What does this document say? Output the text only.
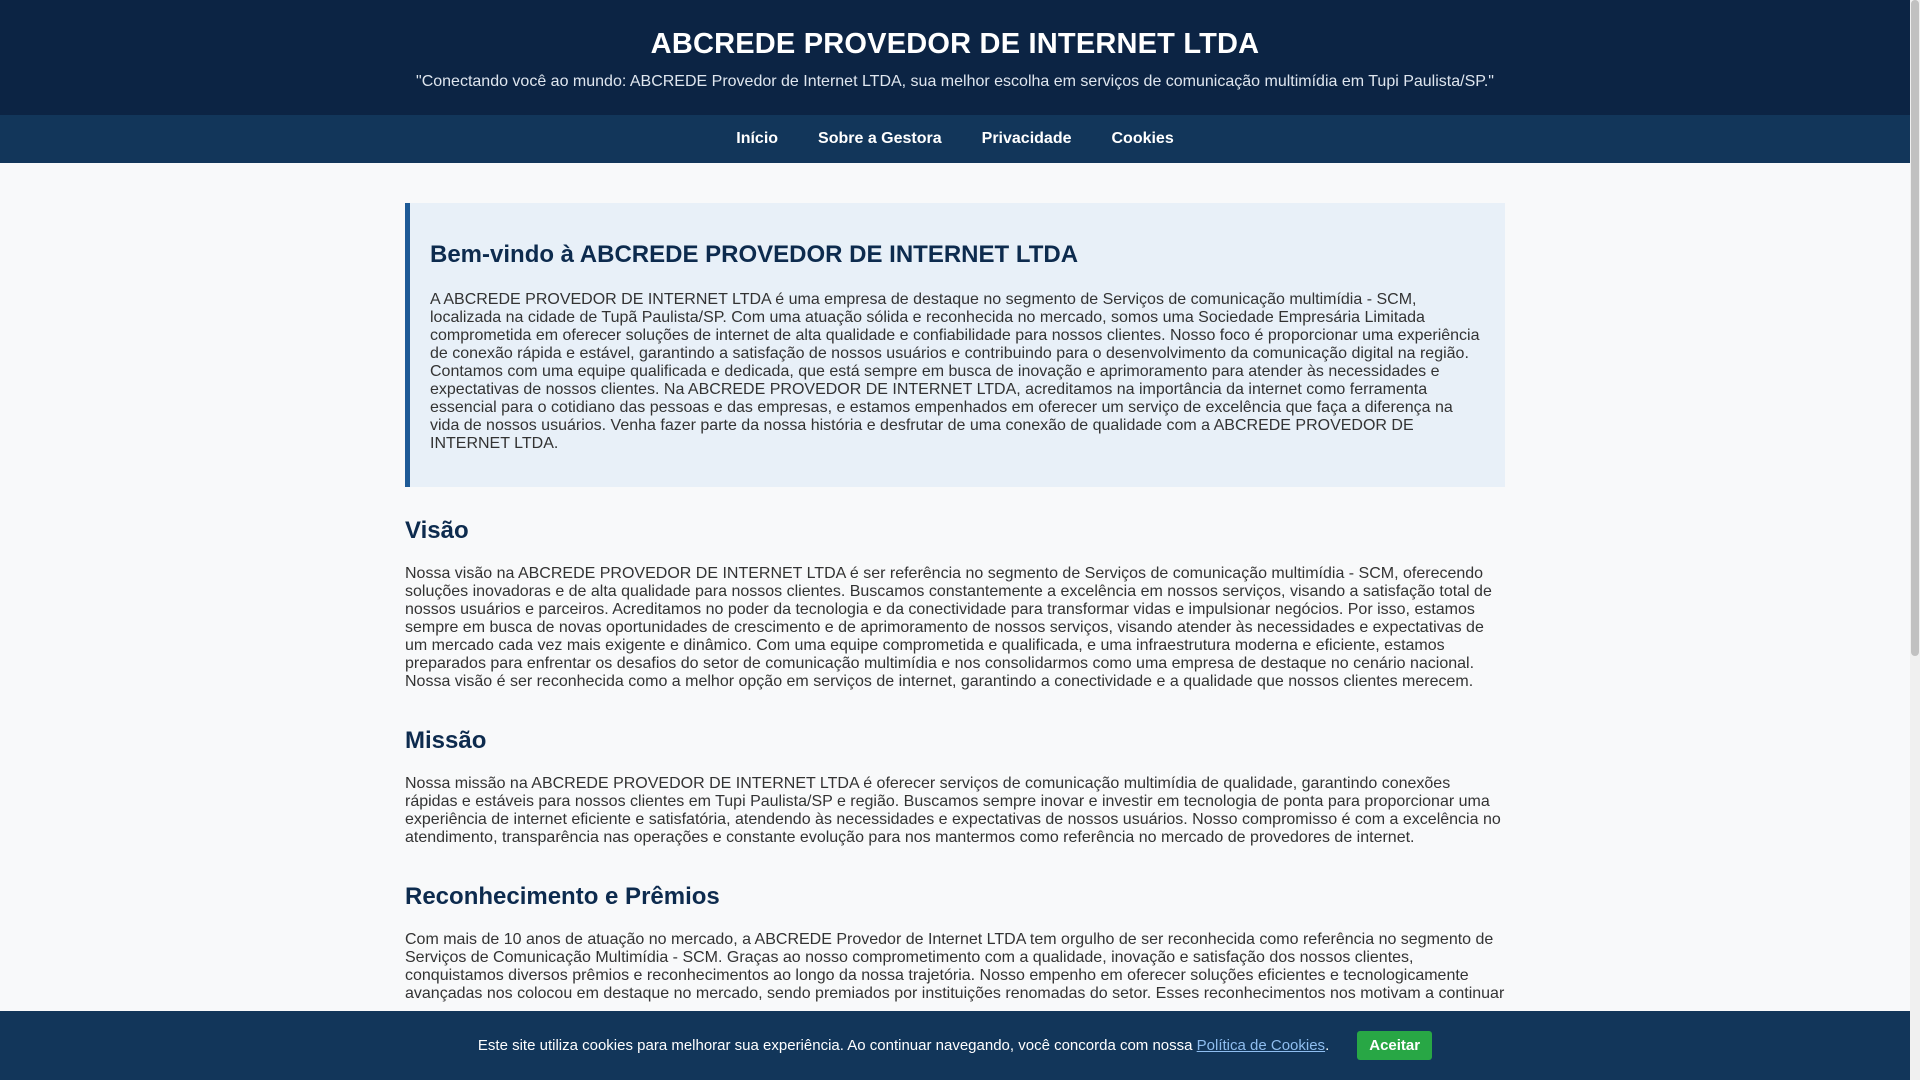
ABCREDE PROVEDOR DE INTERNET LTDA

"Conectando você ao mundo: ABCREDE Provedor de Internet LTDA, sua melhor escolha em serviços de comunicação multimídia em Tupi Paulista/SP."

Início	Sobre a Gestora	Privacidade	Cookies
Bem-vindo à ABCREDE PROVEDOR DE INTERNET LTDA

A ABCREDE PROVEDOR DE INTERNET LTDA é uma empresa de destaque no segmento de Serviços de comunicação multimídia - SCM, localizada na cidade de Tupã Paulista/SP. Com uma atuação sólida e reconhecida no mercado, somos uma Sociedade Empresária Limitada comprometida em oferecer soluções de internet de alta qualidade e confiabilidade para nossos clientes. Nosso foco é proporcionar uma experiência de conexão rápida e estável, garantindo a satisfação de nossos usuários e contribuindo para o desenvolvimento da comunicação digital na região. Contamos com uma equipe qualificada e dedicada, que está sempre em busca de inovação e aprimoramento para atender às necessidades e expectativas de nossos clientes. Na ABCREDE PROVEDOR DE INTERNET LTDA, acreditamos na importância da internet como ferramenta essencial para o cotidiano das pessoas e das empresas, e estamos empenhados em oferecer um serviço de excelência que faça a diferença na vida de nossos usuários. Venha fazer parte da nossa história e desfrutar de uma conexão de qualidade com a ABCREDE PROVEDOR DE INTERNET LTDA.

Visão

Nossa visão na ABCREDE PROVEDOR DE INTERNET LTDA é ser referência no segmento de Serviços de comunicação multimídia - SCM, oferecendo soluções inovadoras e de alta qualidade para nossos clientes. Buscamos constantemente a excelência em nossos serviços, visando a satisfação total de nossos usuários e parceiros. Acreditamos no poder da tecnologia e da conectividade para transformar vidas e impulsionar negócios. Por isso, estamos sempre em busca de novas oportunidades de crescimento e de aprimoramento de nossos serviços, visando atender às necessidades e expectativas de um mercado cada vez mais exigente e dinâmico. Com uma equipe comprometida e qualificada, e uma infraestrutura moderna e eficiente, estamos preparados para enfrentar os desafios do setor de comunicação multimídia e nos consolidarmos como uma empresa de destaque no cenário nacional. Nossa visão é ser reconhecida como a melhor opção em serviços de internet, garantindo a conectividade e a qualidade que nossos clientes merecem.

Missão

Nossa missão na ABCREDE PROVEDOR DE INTERNET LTDA é oferecer serviços de comunicação multimídia de qualidade, garantindo conexões rápidas e estáveis para nossos clientes em Tupi Paulista/SP e região. Buscamos sempre inovar e investir em tecnologia de ponta para proporcionar uma experiência de internet eficiente e satisfatória, atendendo às necessidades e expectativas de nossos usuários. Nosso compromisso é com a excelência no atendimento, transparência nas operações e constante evolução para nos mantermos como referência no mercado de provedores de internet.

Reconhecimento e Prêmios

Com mais de 10 anos de atuação no mercado, a ABCREDE Provedor de Internet LTDA tem orgulho de ser reconhecida como referência no segmento de Serviços de Comunicação Multimídia - SCM. Graças ao nosso comprometimento com a qualidade, inovação e satisfação dos nossos clientes, conquistamos diversos prêmios e reconhecimentos ao longo da nossa trajetória. Nosso empenho em oferecer soluções eficientes e tecnologicamente avançadas nos colocou em destaque no mercado, sendo premiados por instituições renomadas do setor. Esses reconhecimentos nos motivam a continuar

Este site utiliza cookies para melhorar sua experiência. Ao continuar navegando, você concorda com nossa Política de Cookies.	Aceitar
